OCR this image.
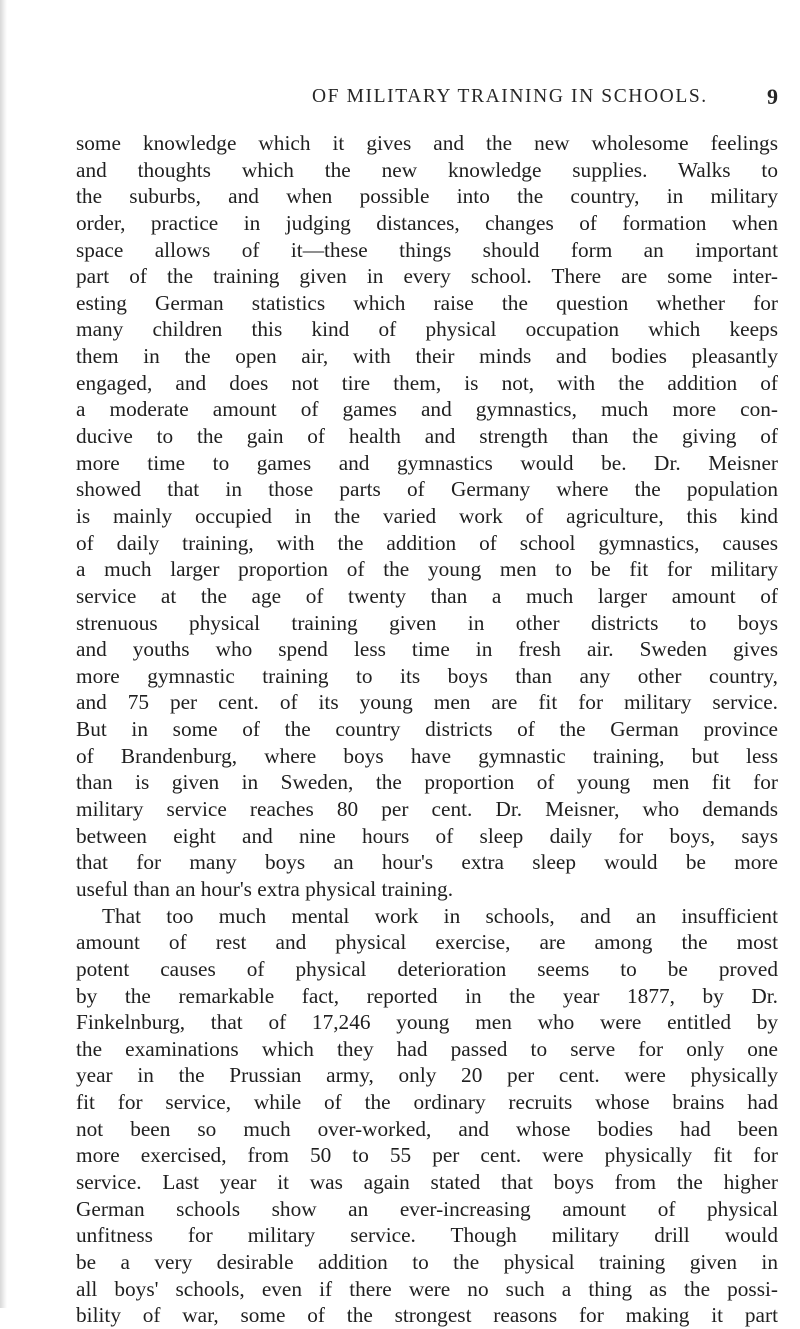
OF MILITARY TRAINING IN SCHOOLS.	9
some knowledge which it gives and the new wholesome feelings
and thoughts which the new knowledge supplies. Walks to
the suburbs, and when possible into the country, in military
order, practice in judging distances, changes of formation when
space allows of it—these things should form an important
part of the training given in every school. There are some inter-
esting German statistics which raise the question whether for
many children this kind of physical occupation which keeps
them in the open air, with their minds and bodies pleasantly
engaged, and does not tire them, is not, with the addition of
a moderate amount of games and gymnastics, much more con-
ducive to the gain of health and strength than the giving of
more time to games and gymnastics would be. Dr. Meisner
showed that in those parts of Germany where the population
is mainly occupied in the varied work of agriculture, this kind
of daily training, with the addition of school gymnastics, causes
a much larger proportion of the young men to be fit for military
service at the age of twenty than a much larger amount of
strenuous physical training given in other districts to boys
and youths who spend less time in fresh air. Sweden gives
more gymnastic training to its boys than any other country,
and 75 per cent. of its young men are fit for military service.
But in some of the country districts of the German province
of Brandenburg, where boys have gymnastic training, but less
than is given in Sweden, the proportion of young men fit for
military service reaches 80 per cent. Dr. Meisner, who demands
between eight and nine hours of sleep daily for boys, says
that for many boys an hour's extra sleep would be more
useful than an hour's extra physical training.
That too much mental work in schools, and an insufficient
amount of rest and physical exercise, are among the most
potent causes of physical deterioration seems to be proved
by the remarkable fact, reported in the year 1877, by Dr.
Finkelnburg, that of 17,246 young men who were entitled by
the examinations which they had passed to serve for only one
year in the Prussian army, only 20 per cent. were physically
fit for service, while of the ordinary recruits whose brains had
not been so much over-worked, and whose bodies had been
more exercised, from 50 to 55 per cent. were physically fit for
service. Last year it was again stated that boys from the higher
German schools show an ever-increasing amount of physical
unfitness for military service. Though military drill would
be a very desirable addition to the physical training given in
all boys' schools, even if there were no such a thing as the possi-
bility of war, some of the strongest reasons for making it part
